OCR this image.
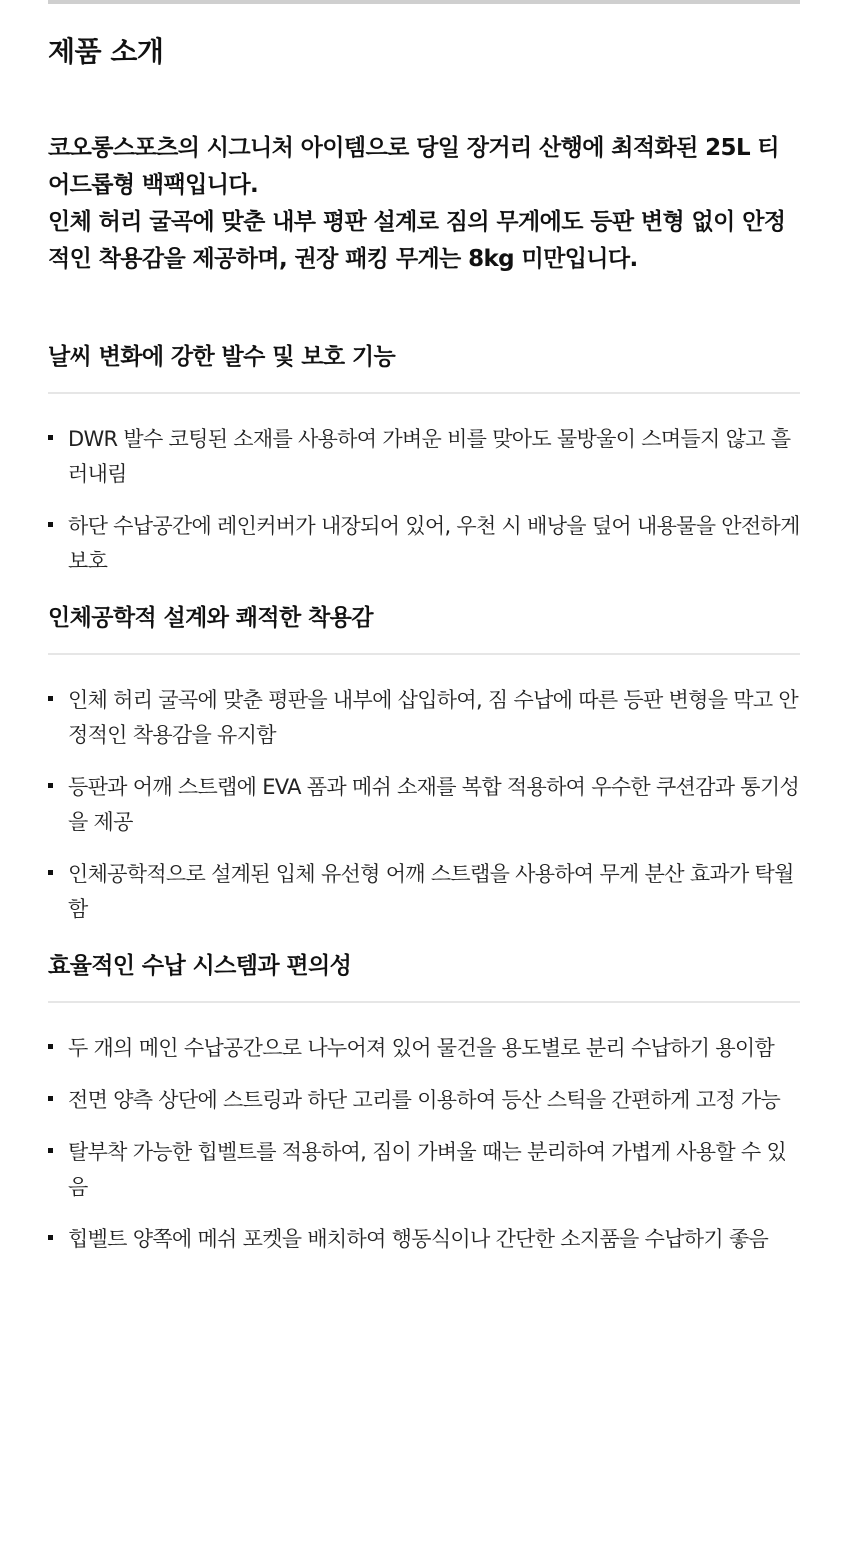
제품 소개

코오롱스포츠의 시그니처 아이템으로 당일 장거리 산행에 최적화된 25L 티어드롭형 백팩입니다.

인체 허리 굴곡에 맞춘 내부 평판 설계로 짐의 무게에도 등판 변형 없이 안정적인 착용감을 제공하며, 권장 패킹 무게는 8kg 미만입니다.

날씨 변화에 강한 발수 및 보호 기능
DWR 발수 코팅된 소재를 사용하여 가벼운 비를 맞아도 물방울이 스며들지 않고 흘러내림
하단 수납공간에 레인커버가 내장되어 있어, 우천 시 배낭을 덮어 내용물을 안전하게 보호
인체공학적 설계와 쾌적한 착용감
인체 허리 굴곡에 맞춘 평판을 내부에 삽입하여, 짐 수납에 따른 등판 변형을 막고 안정적인 착용감을 유지함
등판과 어깨 스트랩에 EVA 폼과 메쉬 소재를 복합 적용하여 우수한 쿠션감과 통기성을 제공
인체공학적으로 설계된 입체 유선형 어깨 스트랩을 사용하여 무게 분산 효과가 탁월함
효율적인 수납 시스템과 편의성
두 개의 메인 수납공간으로 나누어져 있어 물건을 용도별로 분리 수납하기 용이함
전면 양측 상단에 스트링과 하단 고리를 이용하여 등산 스틱을 간편하게 고정 가능
탈부착 가능한 힙벨트를 적용하여, 짐이 가벼울 때는 분리하여 가볍게 사용할 수 있음
힙벨트 양쪽에 메쉬 포켓을 배치하여 행동식이나 간단한 소지품을 수납하기 좋음
